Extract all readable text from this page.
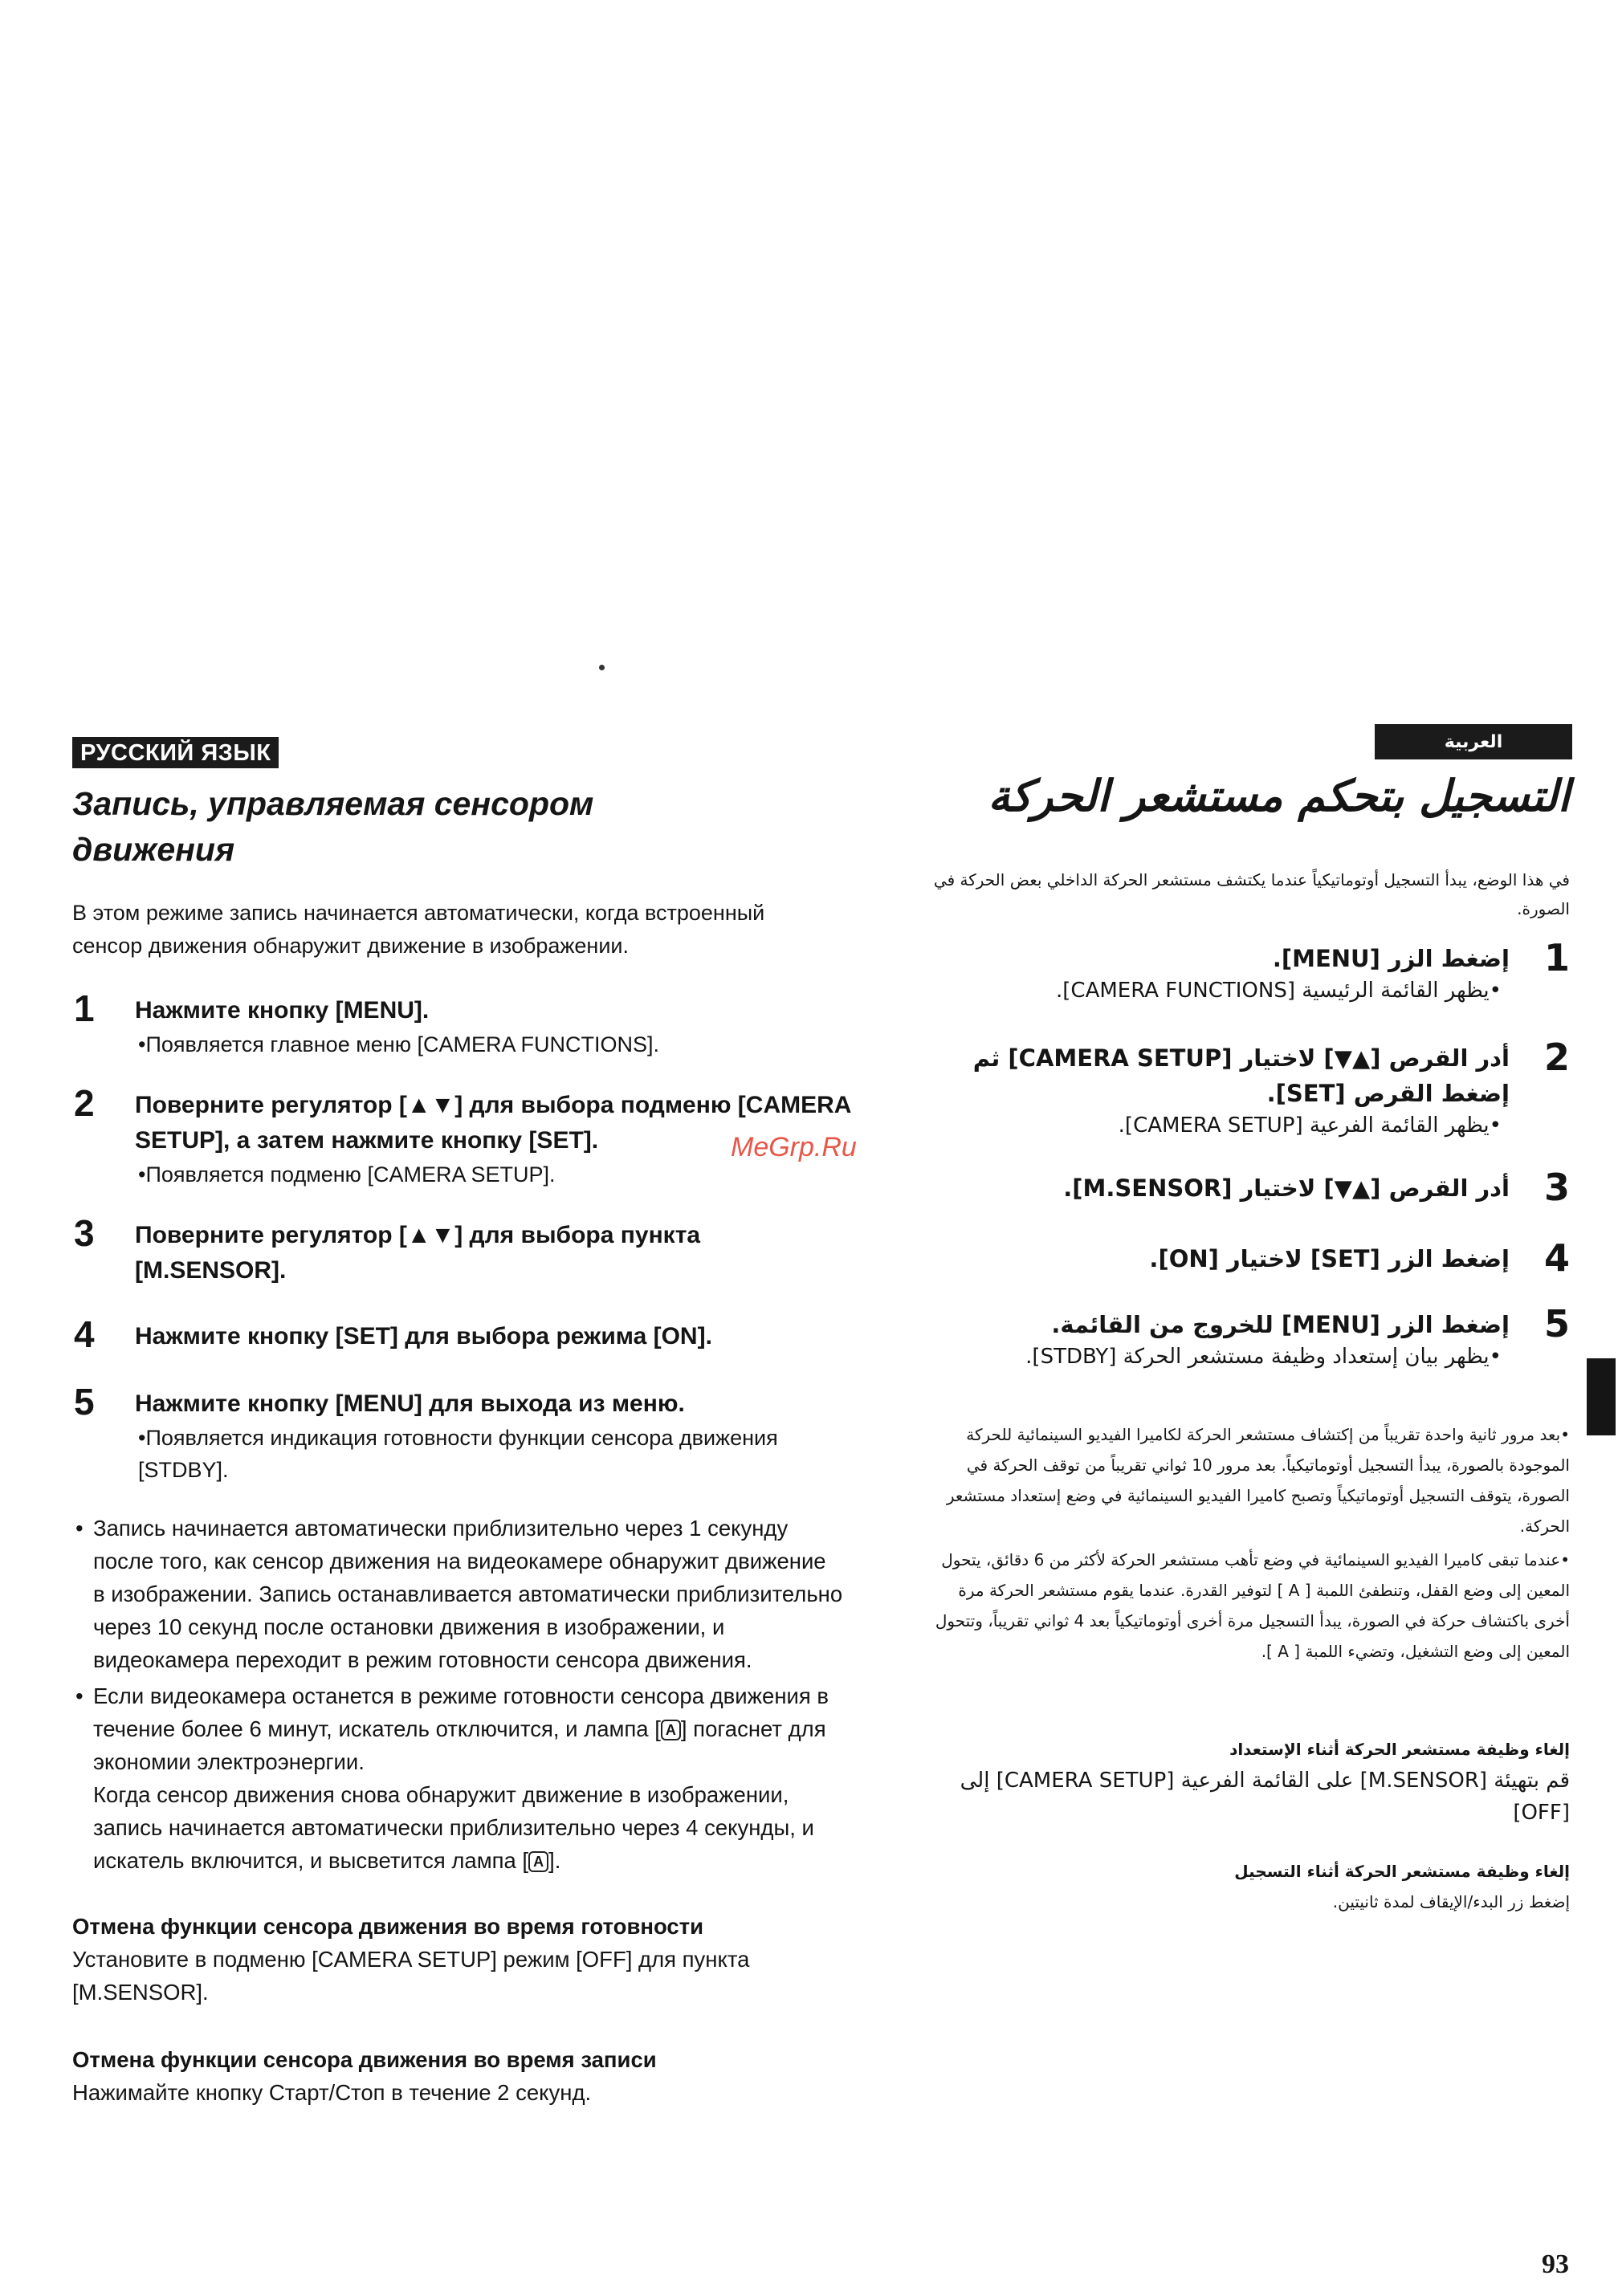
РУССКИЙ ЯЗЫК
Запись, управляемая сенсором движения
В этом режиме запись начинается автоматически, когда встроенный сенсор движения обнаружит движение в изображении.
1 Нажмите кнопку [MENU].
•Появляется главное меню [CAMERA FUNCTIONS].
2 Поверните регулятор [▲▼] для выбора подменю [CAMERA SETUP], а затем нажмите кнопку [SET].
•Появляется подменю [CAMERA SETUP].
3 Поверните регулятор [▲▼] для выбора пункта [M.SENSOR].
4 Нажмите кнопку [SET] для выбора режима [ON].
5 Нажмите кнопку [MENU] для выхода из меню.
•Появляется индикация готовности функции сенсора движения [STDBY].
• Запись начинается автоматически приблизительно через 1 секунду после того, как сенсор движения на видеокамере обнаружит движение в изображении. Запись останавливается автоматически приблизительно через 10 секунд после остановки движения в изображении, и видеокамера переходит в режим готовности сенсора движения.
• Если видеокамера останется в режиме готовности сенсора движения в течение более 6 минут, искатель отключится, и лампа [ A ] погаснет для экономии электроэнергии.
Когда сенсор движения снова обнаружит движение в изображении, запись начинается автоматически приблизительно через 4 секунды, и искатель включится, и высветится лампа [ A ].
Отмена функции сенсора движения во время готовности
Установите в подменю [CAMERA SETUP] режим [OFF] для пункта [M.SENSOR].
Отмена функции сенсора движения во время записи
Нажимайте кнопку Старт/Стоп в течение 2 секунд.
العربية
التسجيل بتحكم مستشعر الحركة
في هذا الوضع، يبدأ التسجيل أوتوماتيكياً عندما يكتشف مستشعر الحركة الداخلي بعض الحركة في الصورة.
1
إضغط الزر [MENU].
•يظهر القائمة الرئيسية [CAMERA FUNCTIONS].
2
أدر القرص [▲▼] لاختيار [CAMERA SETUP] ثم إضغط القرص [SET].
•يظهر القائمة الفرعية [CAMERA SETUP].
3
أدر القرص [▲▼] لاختيار [M.SENSOR].
4
إضغط الزر [SET] لاختيار [ON].
5
إضغط الزر [MENU] للخروج من القائمة.
•يظهر بيان إستعداد وظيفة مستشعر الحركة [STDBY].
•بعد مرور ثانية واحدة تقريباً من إكتشاف مستشعر الحركة لكاميرا الفيديو السينمائية للحركة الموجودة بالصورة، يبدأ التسجيل أوتوماتيكياً. بعد مرور 10 ثواني تقريباً من توقف الحركة في الصورة، يتوقف التسجيل أوتوماتيكياً وتصبح كاميرا الفيديو السينمائية في وضع إستعداد مستشعر الحركة.
•عندما تبقى كاميرا الفيديو السينمائية في وضع تأهب مستشعر الحركة لأكثر من 6 دقائق، يتحول المعين إلى وضع القفل، وتنطفئ اللمبة [ A ] لتوفير القدرة. عندما يقوم مستشعر الحركة مرة أخرى باكتشاف حركة في الصورة، يبدأ التسجيل مرة أخرى أوتوماتيكياً بعد 4 ثواني تقريباً، وتتحول المعين إلى وضع التشغيل، وتضيء اللمبة [ A ].
إلغاء وظيفة مستشعر الحركة أثناء الإستعداد
قم بتهيئة [M.SENSOR] على القائمة الفرعية [CAMERA SETUP] إلى [OFF]
إلغاء وظيفة مستشعر الحركة أثناء التسجيل
إضغط زر البدء/الإيقاف لمدة ثانيتين.
MeGrp.Ru
93
